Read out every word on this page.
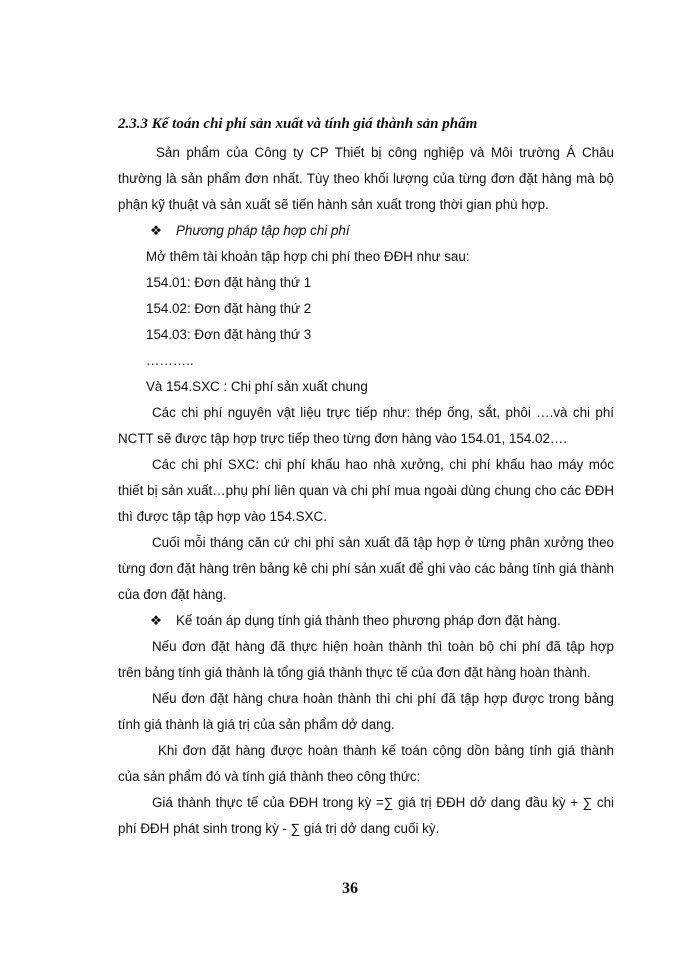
2.3.3 Kế toán chi phí sản xuất và tính giá thành sản phẩm

Sản phẩm của Công ty CP Thiết bị công nghiệp và Môi trường Á Châu thường là sản phẩm đơn nhất. Tùy theo khối lượng của từng đơn đặt hàng mà bộ phận kỹ thuật và sản xuất sẽ tiến hành sản xuất trong thời gian phù hợp.

❖ Phương pháp tập hợp chi phí
Mở thêm tài khoản tập hợp chi phí theo ĐĐH như sau:
154.01: Đơn đặt hàng thứ 1
154.02: Đơn đặt hàng thứ 2
154.03: Đơn đặt hàng thứ 3
………..
Và 154.SXC : Chi phí sản xuất chung

Các chi phí nguyên vật liệu trực tiếp như: thép ống, sắt, phôi ….và chi phí NCTT sẽ được tập hợp trực tiếp theo từng đơn hàng vào 154.01, 154.02….

Các chi phí SXC: chi phí khấu hao nhà xưởng, chi phí khấu hao máy móc thiết bị sản xuất…phụ phí liên quan và chi phí mua ngoài dùng chung cho các ĐĐH thì được tập tập hợp vào 154.SXC.

Cuối mỗi tháng căn cứ chi phí sản xuất đã tập hợp ở từng phân xưởng theo từng đơn đặt hàng trên bảng kê chi phí sản xuất để ghi vào các bảng tính giá thành của đơn đặt hàng.

❖ Kế toán áp dụng tính giá thành theo phương pháp đơn đặt hàng.

Nếu đơn đặt hàng đã thực hiện hoàn thành thì toàn bộ chi phí đã tập hợp trên bảng tính giá thành là tổng giá thành thực tế của đơn đặt hàng hoàn thành.

Nếu đơn đặt hàng chưa hoàn thành thì chi phí đã tập hợp được trong bảng tính giá thành là giá trị của sản phẩm dở dang.

Khi đơn đặt hàng được hoàn thành kế toán cộng dồn bảng tính giá thành của sản phẩm đó và tính giá thành theo công thức:

Giá thành thực tế của ĐĐH trong kỳ =∑ giá trị ĐĐH dở dang đầu kỳ + ∑ chi phí ĐĐH phát sinh trong kỳ - ∑ giá trị dở dang cuối kỳ.

36
